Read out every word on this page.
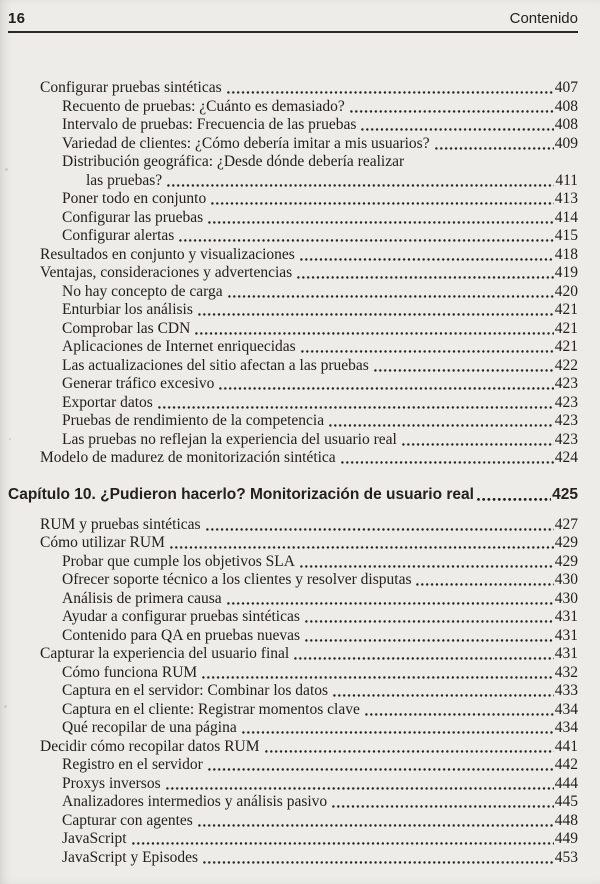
16	Contenido
Configurar pruebas sintéticas	407
Recuento de pruebas: ¿Cuánto es demasiado?	408
Intervalo de pruebas: Frecuencia de las pruebas	408
Variedad de clientes: ¿Cómo debería imitar a mis usuarios?	409
Distribución geográfica: ¿Desde dónde debería realizar
las pruebas?	411
Poner todo en conjunto	413
Configurar las pruebas	414
Configurar alertas	415
Resultados en conjunto y visualizaciones	418
Ventajas, consideraciones y advertencias	419
No hay concepto de carga	420
Enturbiar los análisis	421
Comprobar las CDN	421
Aplicaciones de Internet enriquecidas	421
Las actualizaciones del sitio afectan a las pruebas	422
Generar tráfico excesivo	423
Exportar datos	423
Pruebas de rendimiento de la competencia	423
Las pruebas no reflejan la experiencia del usuario real	423
Modelo de madurez de monitorización sintética	424
Capítulo 10. ¿Pudieron hacerlo? Monitorización de usuario real	425
RUM y pruebas sintéticas	427
Cómo utilizar RUM	429
Probar que cumple los objetivos SLA	429
Ofrecer soporte técnico a los clientes y resolver disputas	430
Análisis de primera causa	430
Ayudar a configurar pruebas sintéticas	431
Contenido para QA en pruebas nuevas	431
Capturar la experiencia del usuario final	431
Cómo funciona RUM	432
Captura en el servidor: Combinar los datos	433
Captura en el cliente: Registrar momentos clave	434
Qué recopilar de una página	434
Decidir cómo recopilar datos RUM	441
Registro en el servidor	442
Proxys inversos	444
Analizadores intermedios y análisis pasivo	445
Capturar con agentes	448
JavaScript	449
JavaScript y Episodes	453
